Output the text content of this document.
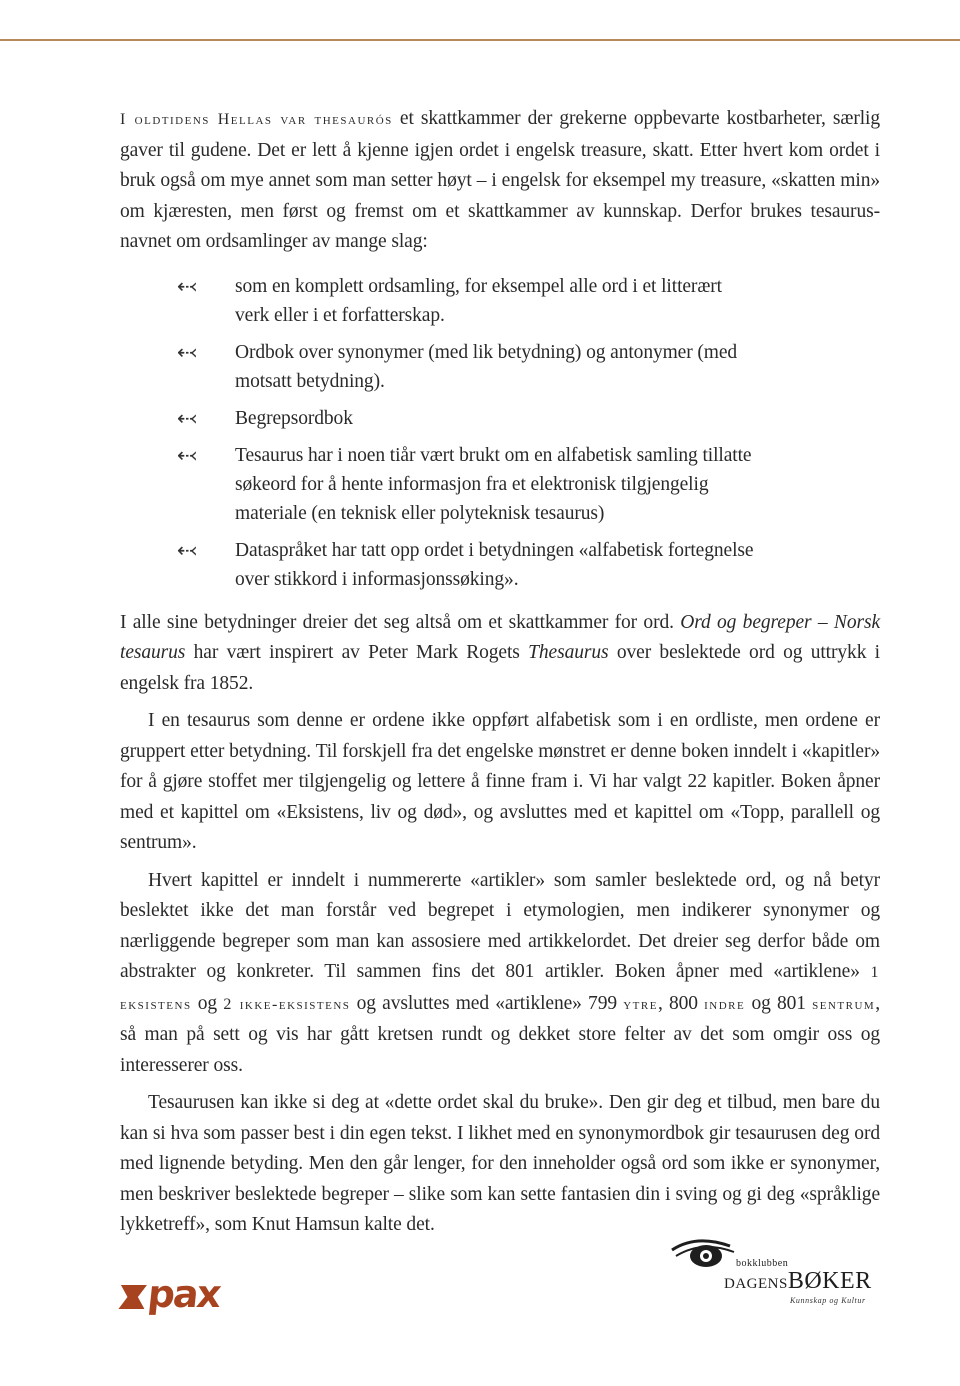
I oldtidens Hellas var thesaurós et skattkammer der grekerne oppbevarte kostbarheter, særlig gaver til gudene. Det er lett å kjenne igjen ordet i engelsk treasure, skatt. Etter hvert kom ordet i bruk også om mye annet som man setter høyt – i engelsk for eksempel my treasure, «skatten min» om kjæresten, men først og fremst om et skattkammer av kunnskap. Derfor brukes tesaurus-navnet om ordsamlinger av mange slag:

⇠‹ som en komplett ordsamling, for eksempel alle ord i et litterært verk eller i et forfatterskap.
⇠‹ Ordbok over synonymer (med lik betydning) og antonymer (med motsatt betydning).
⇠‹ Begrepsordbok
⇠‹ Tesaurus har i noen tiår vært brukt om en alfabetisk samling tillatte søkeord for å hente informasjon fra et elektronisk tilgjengelig materiale (en teknisk eller polyteknisk tesaurus)
⇠‹ Dataspråket har tatt opp ordet i betydningen «alfabetisk fortegnelse over stikkord i informasjonssøking».

I alle sine betydninger dreier det seg altså om et skattkammer for ord. Ord og begreper – Norsk tesaurus har vært inspirert av Peter Mark Rogets Thesaurus over beslektede ord og uttrykk i engelsk fra 1852.

I en tesaurus som denne er ordene ikke oppført alfabetisk som i en ordliste, men ordene er gruppert etter betydning. Til forskjell fra det engelske mønstret er denne boken inndelt i «kapitler» for å gjøre stoffet mer tilgjengelig og lettere å finne fram i. Vi har valgt 22 kapitler. Boken åpner med et kapittel om «Eksistens, liv og død», og avsluttes med et kapittel om «Topp, parallell og sentrum».

Hvert kapittel er inndelt i nummererte «artikler» som samler beslektede ord, og nå betyr beslektet ikke det man forstår ved begrepet i etymologien, men indikerer synonymer og nærliggende begreper som man kan assosiere med artikkelordet. Det dreier seg derfor både om abstrakter og konkreter. Til sammen fins det 801 artikler. Boken åpner med «artiklene» 1 eksistens og 2 ikke-eksistens og avsluttes med «artiklene» 799 ytre, 800 indre og 801 sentrum, så man på sett og vis har gått kretsen rundt og dekket store felter av det som omgir oss og interesserer oss.

Tesaurusen kan ikke si deg at «dette ordet skal du bruke». Den gir deg et tilbud, men bare du kan si hva som passer best i din egen tekst. I likhet med en synonymordbok gir tesaurusen deg ord med lignende betyding. Men den går lenger, for den inneholder også ord som ikke er synonymer, men beskriver beslektede begreper – slike som kan sette fantasien din i sving og gi deg «språklige lykketreff», som Knut Hamsun kalte det.

pax
bokklubben
DAGENSBØKER
Kunnskap og Kultur
